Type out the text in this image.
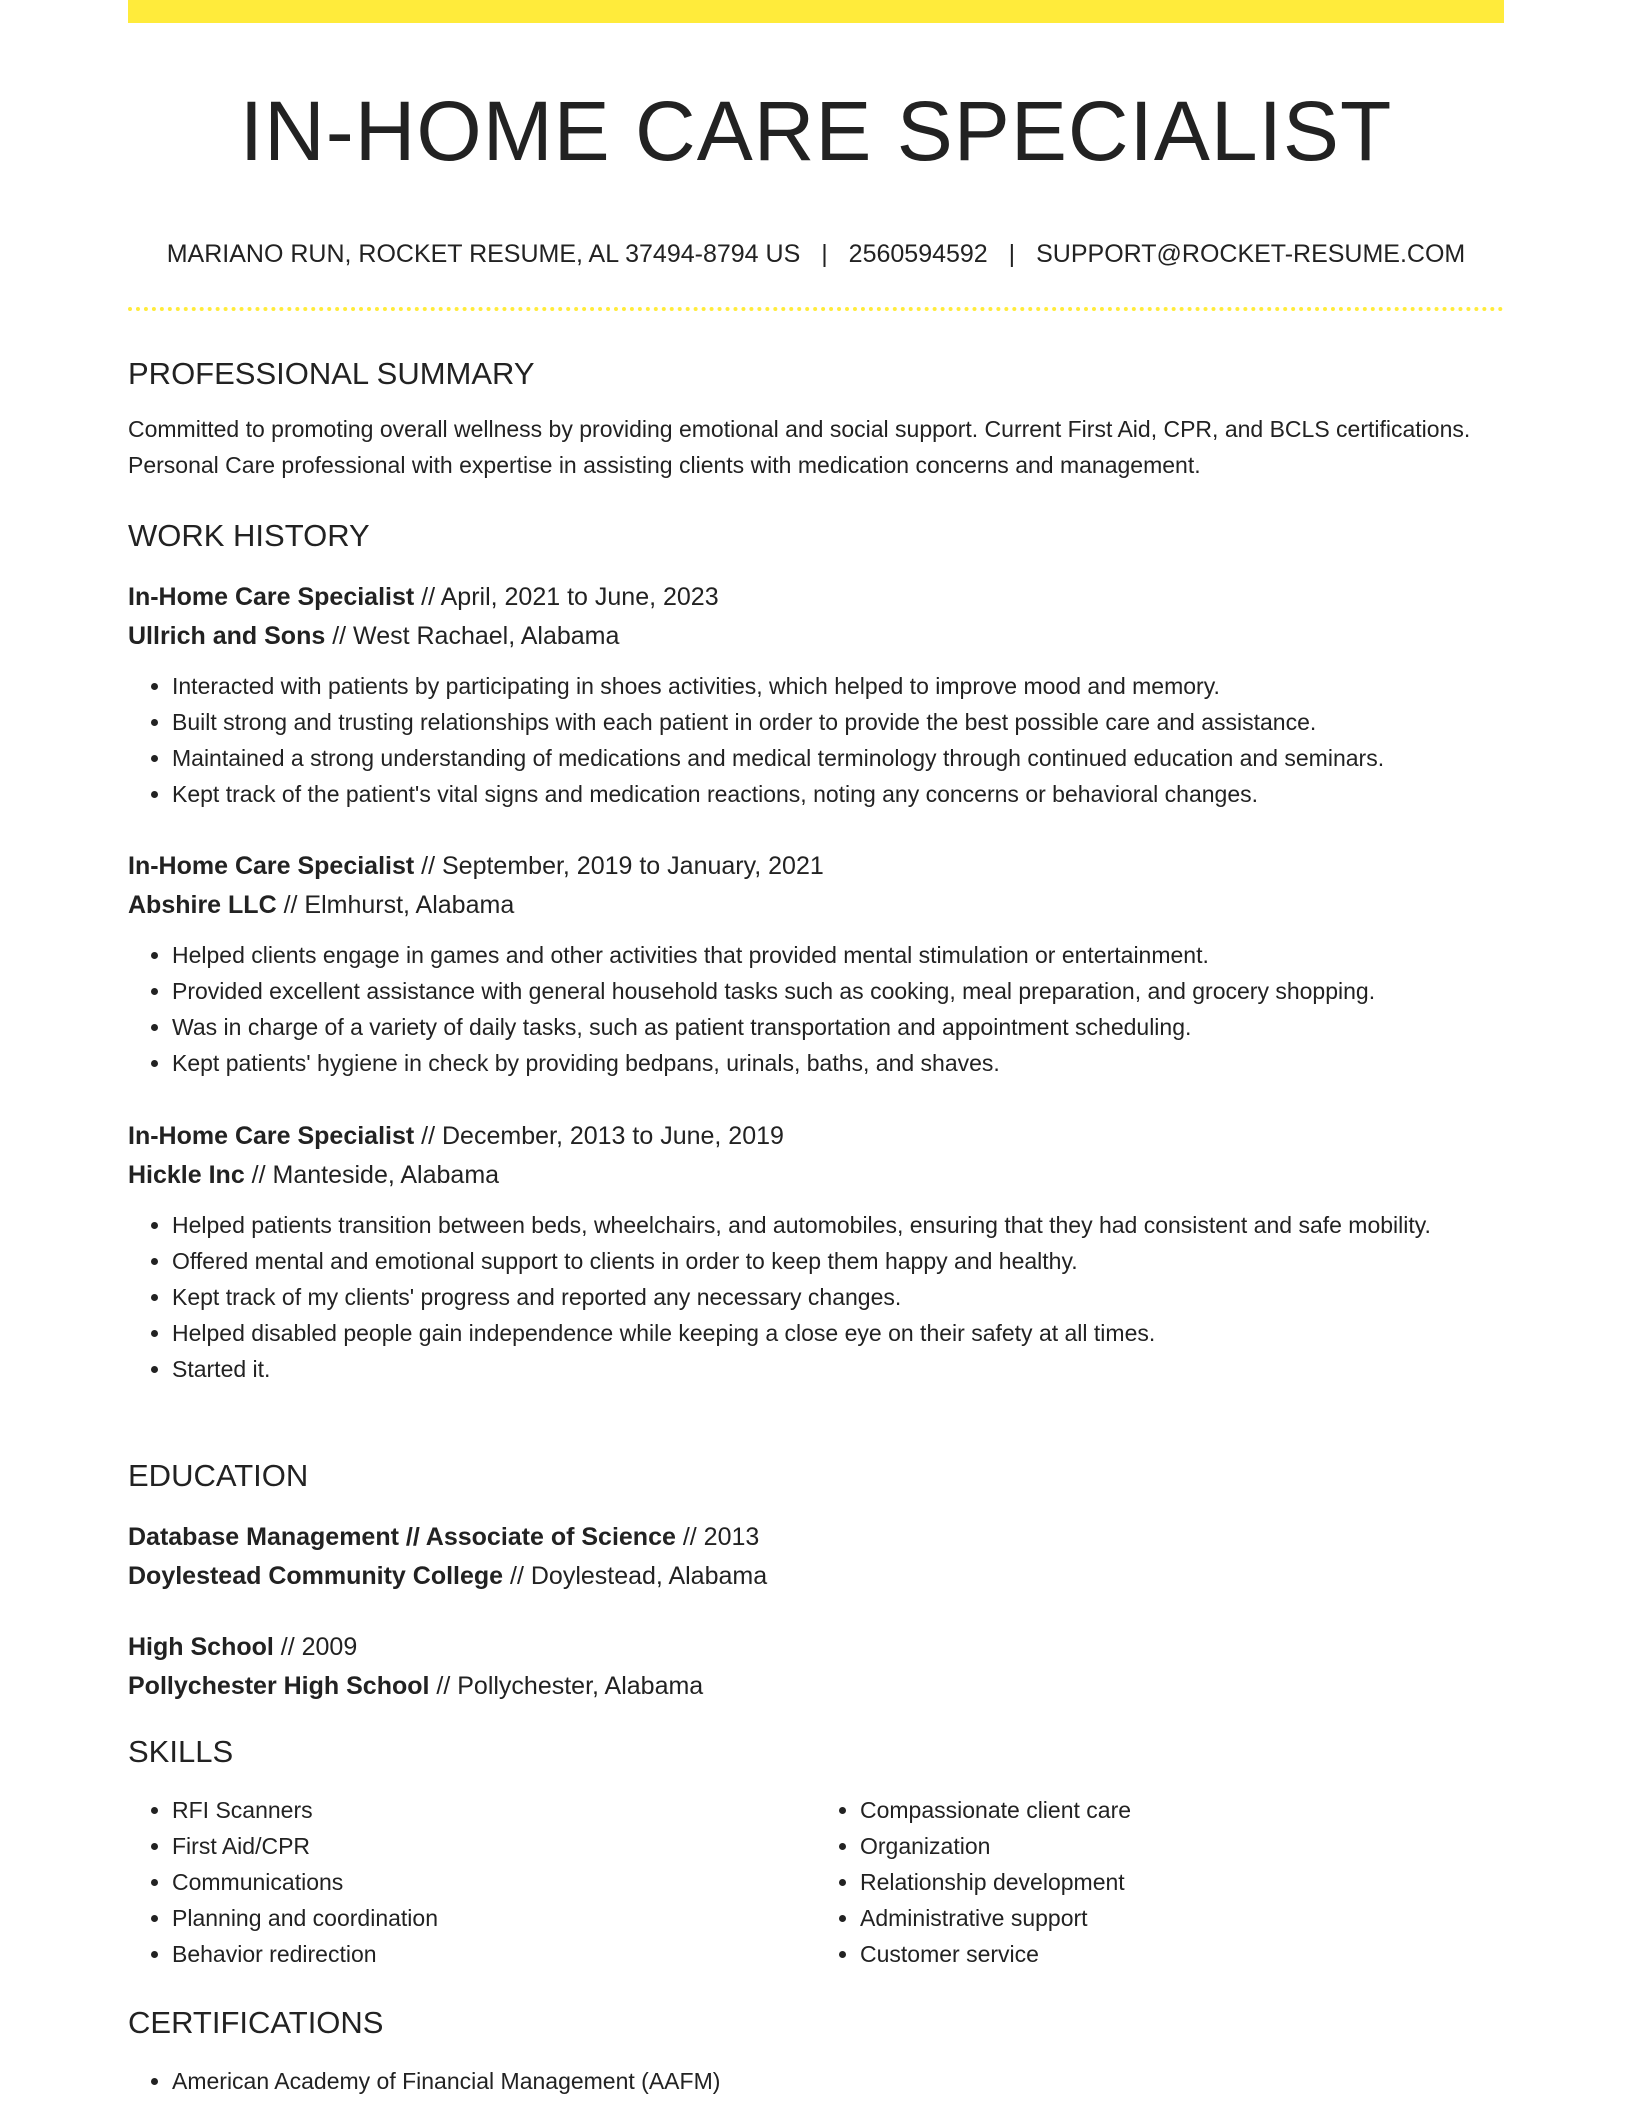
IN-HOME CARE SPECIALIST
MARIANO RUN, ROCKET RESUME, AL 37494-8794 US | 2560594592 | SUPPORT@ROCKET-RESUME.COM
PROFESSIONAL SUMMARY

Committed to promoting overall wellness by providing emotional and social support. Current First Aid, CPR, and BCLS certifications. Personal Care professional with expertise in assisting clients with medication concerns and management.

WORK HISTORY
In-Home Care Specialist // April, 2021 to June, 2023
Ullrich and Sons // West Rachael, Alabama
• Interacted with patients by participating in shoes activities, which helped to improve mood and memory.
• Built strong and trusting relationships with each patient in order to provide the best possible care and assistance.
• Maintained a strong understanding of medications and medical terminology through continued education and seminars.
• Kept track of the patient's vital signs and medication reactions, noting any concerns or behavioral changes.
In-Home Care Specialist // September, 2019 to January, 2021
Abshire LLC // Elmhurst, Alabama
• Helped clients engage in games and other activities that provided mental stimulation or entertainment.
• Provided excellent assistance with general household tasks such as cooking, meal preparation, and grocery shopping.
• Was in charge of a variety of daily tasks, such as patient transportation and appointment scheduling.
• Kept patients' hygiene in check by providing bedpans, urinals, baths, and shaves.
In-Home Care Specialist // December, 2013 to June, 2019
Hickle Inc // Manteside, Alabama
• Helped patients transition between beds, wheelchairs, and automobiles, ensuring that they had consistent and safe mobility.
• Offered mental and emotional support to clients in order to keep them happy and healthy.
• Kept track of my clients' progress and reported any necessary changes.
• Helped disabled people gain independence while keeping a close eye on their safety at all times.
• Started it.
EDUCATION
Database Management // Associate of Science // 2013
Doylestead Community College // Doylestead, Alabama
High School // 2009
Pollychester High School // Pollychester, Alabama
SKILLS
• RFI Scanners
• First Aid/CPR
• Communications
• Planning and coordination
• Behavior redirection
• Compassionate client care
• Organization
• Relationship development
• Administrative support
• Customer service
CERTIFICATIONS
• American Academy of Financial Management (AAFM)
